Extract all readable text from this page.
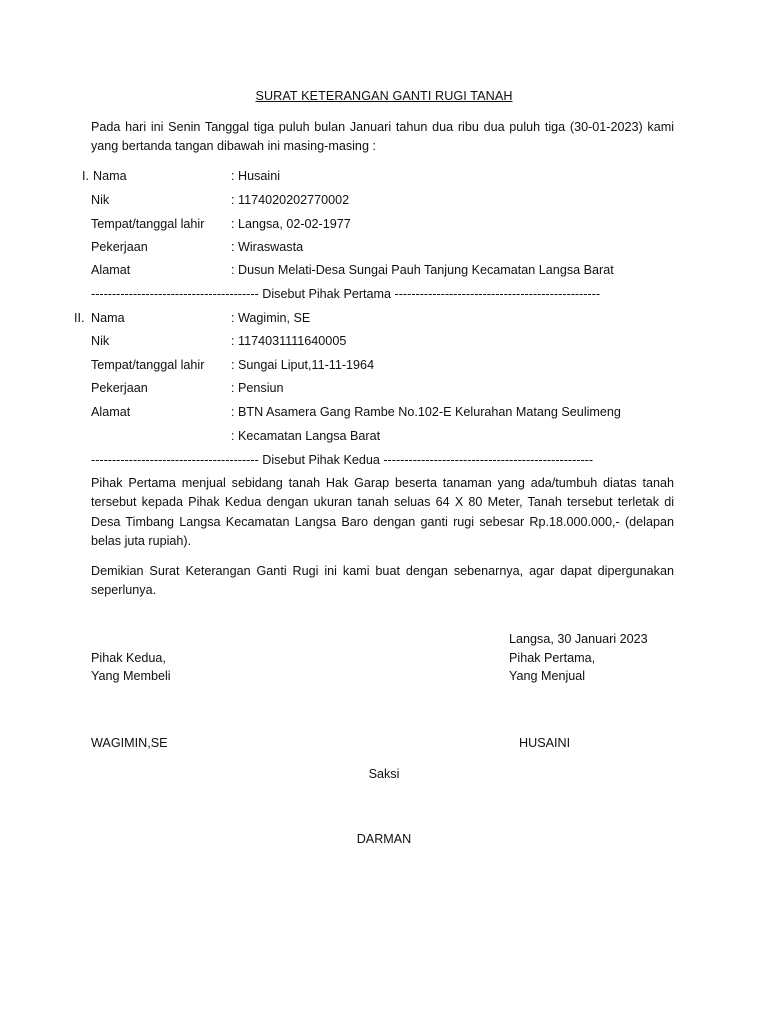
SURAT KETERANGAN GANTI RUGI TANAH
Pada hari ini Senin Tanggal tiga puluh bulan Januari tahun dua ribu dua puluh tiga (30-01-2023) kami yang bertanda tangan dibawah ini masing-masing :
I. Nama	: Husaini
Nik	: 1174020202770002
Tempat/tanggal lahir : Langsa, 02-02-1977
Pekerjaan	: Wiraswasta
Alamat	: Dusun Melati-Desa Sungai Pauh Tanjung Kecamatan Langsa Barat
---------------------------------------- Disebut Pihak Pertama -------------------------------------------------
II. Nama	: Wagimin, SE
Nik	: 1174031111640005
Tempat/tanggal lahir : Sungai Liput,11-11-1964
Pekerjaan	: Pensiun
Alamat	: BTN Asamera Gang Rambe No.102-E Kelurahan Matang Seulimeng
: Kecamatan Langsa Barat
---------------------------------------- Disebut Pihak Kedua --------------------------------------------------
Pihak Pertama menjual sebidang tanah Hak Garap beserta tanaman yang ada/tumbuh diatas tanah tersebut kepada Pihak Kedua dengan ukuran tanah seluas 64 X 80 Meter, Tanah tersebut terletak di Desa Timbang Langsa Kecamatan Langsa Baro dengan ganti rugi sebesar Rp.18.000.000,- (delapan belas juta rupiah).
Demikian Surat Keterangan Ganti Rugi ini kami buat dengan sebenarnya, agar dapat dipergunakan seperlunya.
Langsa, 30 Januari 2023
Pihak Kedua,
Yang Membeli
Pihak Pertama,
Yang Menjual
WAGIMIN,SE	HUSAINI
Saksi
DARMAN
